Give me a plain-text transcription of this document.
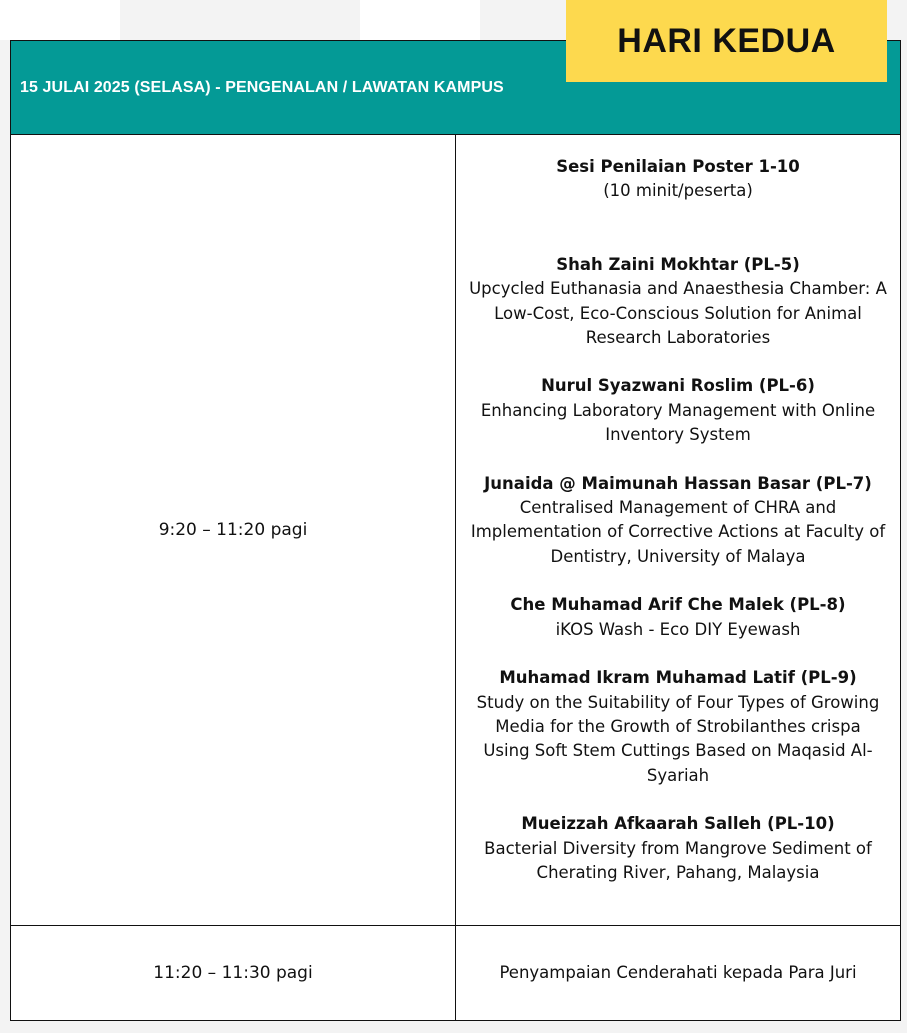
15 JULAI 2025 (SELASA) - PENGENALAN / LAWATAN KAMPUS
9:20 – 11:20 pagi
Sesi Penilaian Poster 1-10
(10 minit/peserta)
Shah Zaini Mokhtar (PL-5)
Upcycled Euthanasia and Anaesthesia Chamber: A Low-Cost, Eco-Conscious Solution for Animal Research Laboratories
Nurul Syazwani Roslim (PL-6)
Enhancing Laboratory Management with Online Inventory System
Junaida @ Maimunah Hassan Basar (PL-7)
Centralised Management of CHRA and Implementation of Corrective Actions at Faculty of Dentistry, University of Malaya
Che Muhamad Arif Che Malek (PL-8)
iKOS Wash - Eco DIY Eyewash
Muhamad Ikram Muhamad Latif (PL-9)
Study on the Suitability of Four Types of Growing Media for the Growth of Strobilanthes crispa Using Soft Stem Cuttings Based on Maqasid Al-Syariah
Mueizzah Afkaarah Salleh (PL-10)
Bacterial Diversity from Mangrove Sediment of Cherating River, Pahang, Malaysia
11:20 – 11:30 pagi	Penyampaian Cenderahati kepada Para Juri
HARI KEDUA
